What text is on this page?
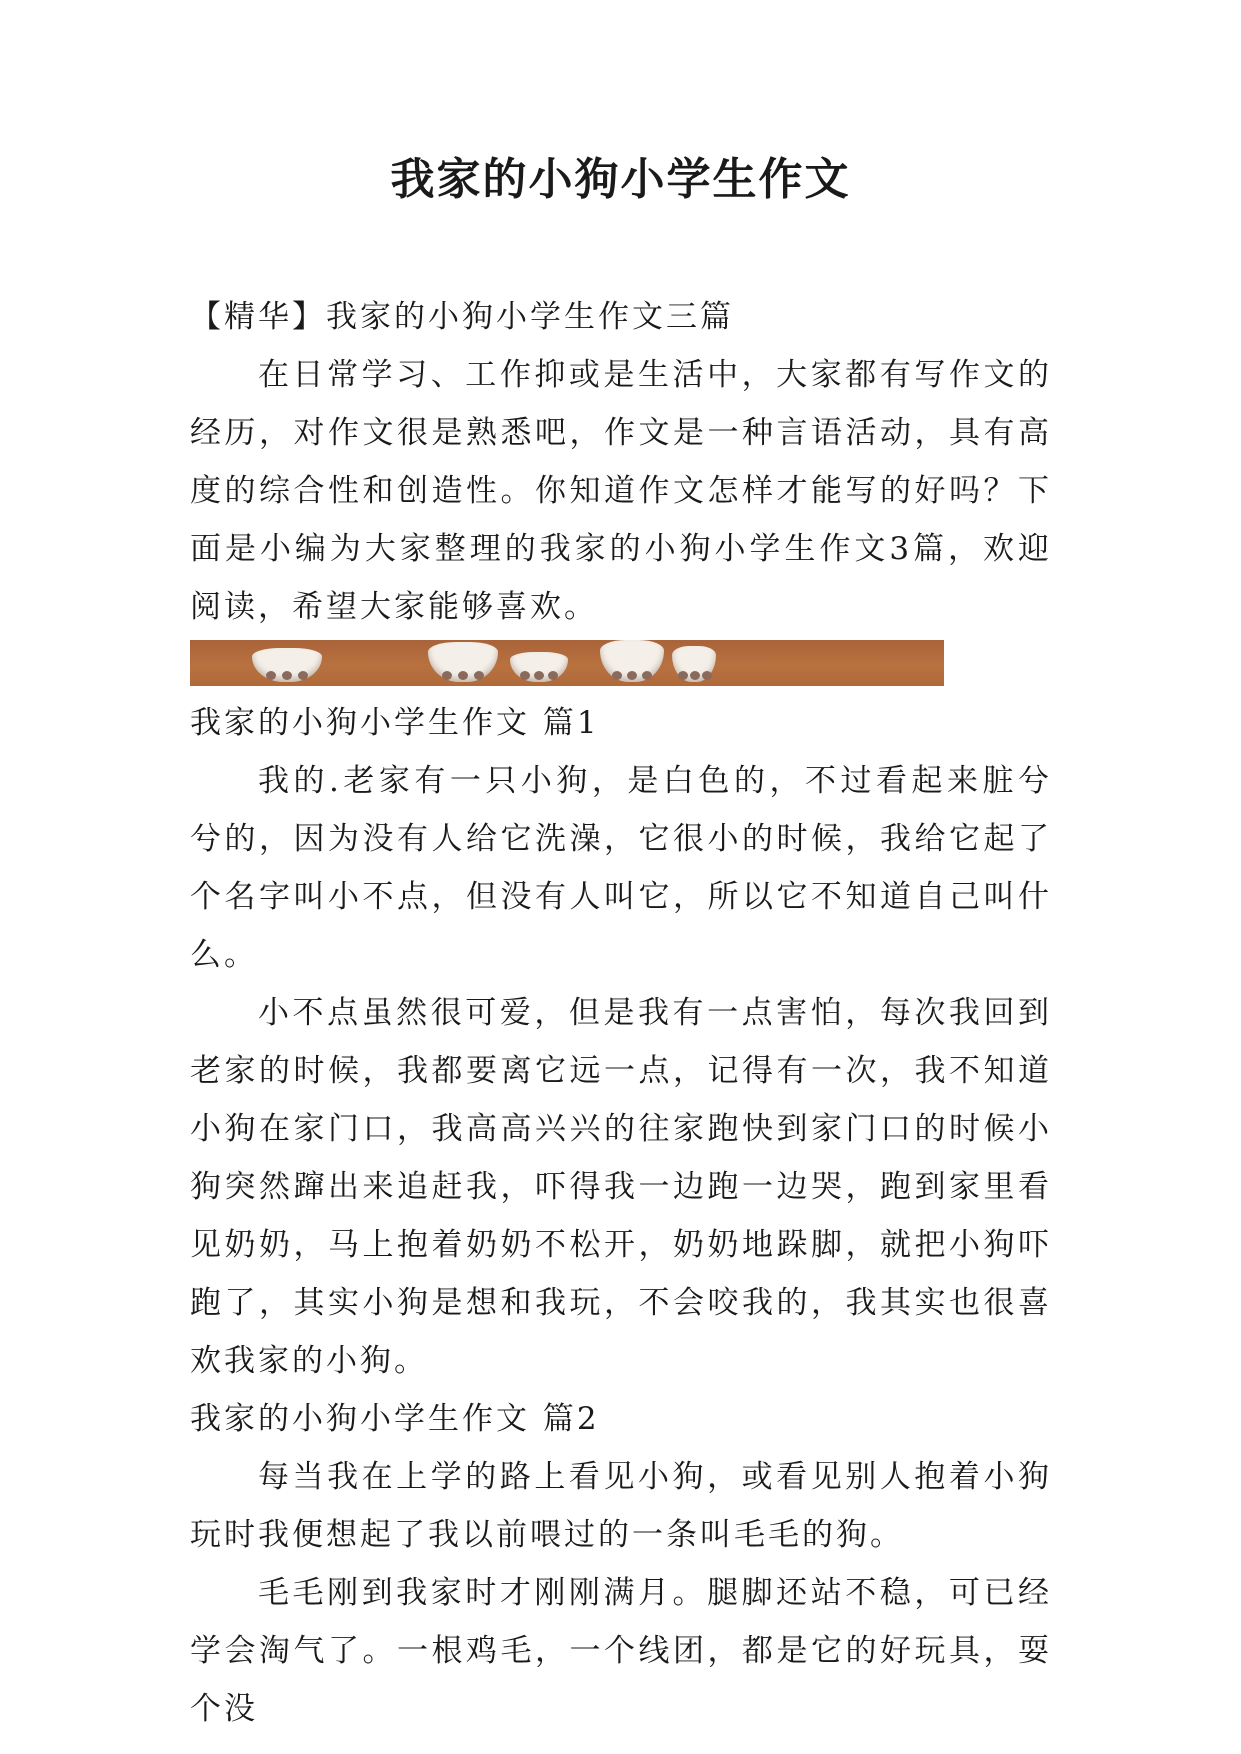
我家的小狗小学生作文

【精华】我家的小狗小学生作文三篇

在日常学习、工作抑或是生活中，大家都有写作文的经历，对作文很是熟悉吧，作文是一种言语活动，具有高度的综合性和创造性。你知道作文怎样才能写的好吗？下面是小编为大家整理的我家的小狗小学生作文3篇，欢迎阅读，希望大家能够喜欢。

我家的小狗小学生作文 篇1

我的.老家有一只小狗，是白色的，不过看起来脏兮兮的，因为没有人给它洗澡，它很小的时候，我给它起了个名字叫小不点，但没有人叫它，所以它不知道自己叫什么。

小不点虽然很可爱，但是我有一点害怕，每次我回到老家的时候，我都要离它远一点，记得有一次，我不知道小狗在家门口，我高高兴兴的往家跑快到家门口的时候小狗突然蹿出来追赶我，吓得我一边跑一边哭，跑到家里看见奶奶，马上抱着奶奶不松开，奶奶地跺脚，就把小狗吓跑了，其实小狗是想和我玩，不会咬我的，我其实也很喜欢我家的小狗。

我家的小狗小学生作文 篇2

每当我在上学的路上看见小狗，或看见别人抱着小狗玩时我便想起了我以前喂过的一条叫毛毛的狗。

毛毛刚到我家时才刚刚满月。腿脚还站不稳，可已经学会淘气了。一根鸡毛，一个线团，都是它的好玩具，耍个没
